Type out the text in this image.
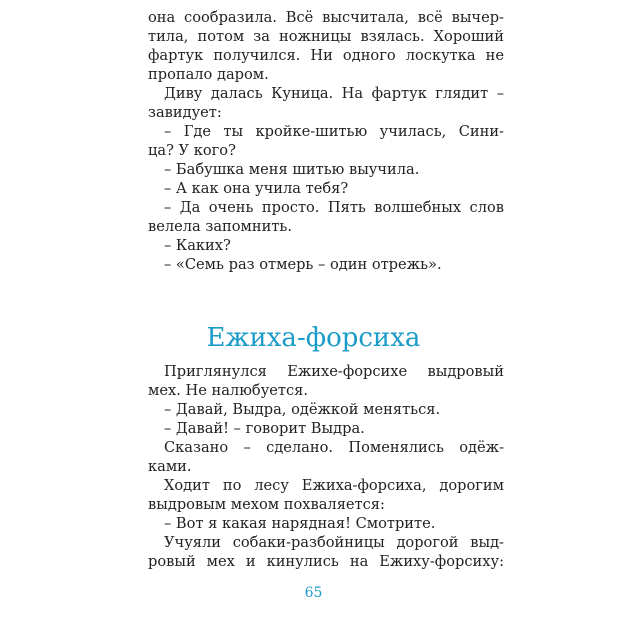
она сообразила. Всё высчитала, всё вычер-
тила, потом за ножницы взялась. Хороший
фартук получился. Ни одного лоскутка не
пропало даром.
Диву далась Куница. На фартук глядит –
завидует:
– Где ты кройке-шитью училась, Сини-
ца? У кого?
– Бабушка меня шитью выучила.
– А как она учила тебя?
– Да очень просто. Пять волшебных слов
велела запомнить.
– Каких?
– «Семь раз отмерь – один отрежь».
Ежиха-форсиха
Приглянулся Ежихе-форсихе выдровый
мех. Не налюбуется.
– Давай, Выдра, одёжкой меняться.
– Давай! – говорит Выдра.
Сказано – сделано. Поменялись одёж-
ками.
Ходит по лесу Ежиха-форсиха, дорогим
выдровым мехом похваляется:
– Вот я какая нарядная! Смотрите.
Учуяли собаки-разбойницы дорогой выд-
ровый мех и кинулись на Ежиху-форсиху:
65
